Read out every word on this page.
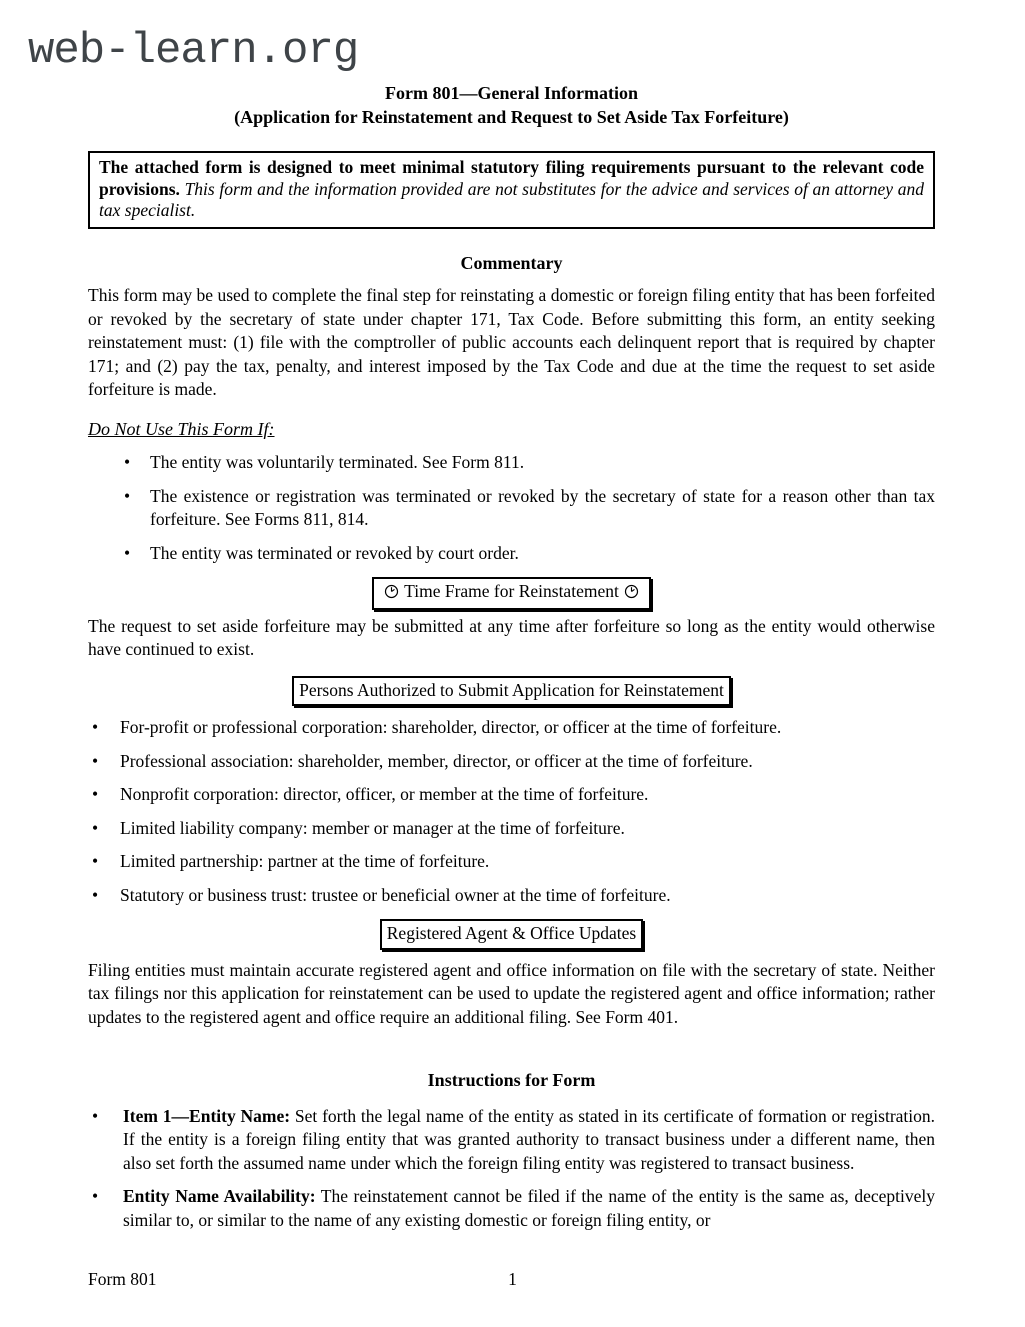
web-learn.org
Form 801—General Information
(Application for Reinstatement and Request to Set Aside Tax Forfeiture)
The attached form is designed to meet minimal statutory filing requirements pursuant to the relevant code provisions. This form and the information provided are not substitutes for the advice and services of an attorney and tax specialist.
Commentary
This form may be used to complete the final step for reinstating a domestic or foreign filing entity that has been forfeited or revoked by the secretary of state under chapter 171, Tax Code. Before submitting this form, an entity seeking reinstatement must: (1) file with the comptroller of public accounts each delinquent report that is required by chapter 171; and (2) pay the tax, penalty, and interest imposed by the Tax Code and due at the time the request to set aside forfeiture is made.
Do Not Use This Form If:
•
The entity was voluntarily terminated. See Form 811.
•
The existence or registration was terminated or revoked by the secretary of state for a reason other than tax forfeiture. See Forms 811, 814.
•
The entity was terminated or revoked by court order.
Time Frame for Reinstatement
The request to set aside forfeiture may be submitted at any time after forfeiture so long as the entity would otherwise have continued to exist.
Persons Authorized to Submit Application for Reinstatement
•
For-profit or professional corporation: shareholder, director, or officer at the time of forfeiture.
•
Professional association: shareholder, member, director, or officer at the time of forfeiture.
•
Nonprofit corporation: director, officer, or member at the time of forfeiture.
•
Limited liability company: member or manager at the time of forfeiture.
•
Limited partnership: partner at the time of forfeiture.
•
Statutory or business trust: trustee or beneficial owner at the time of forfeiture.
Registered Agent & Office Updates
Filing entities must maintain accurate registered agent and office information on file with the secretary of state. Neither tax filings nor this application for reinstatement can be used to update the registered agent and office information; rather updates to the registered agent and office require an additional filing. See Form 401.
Instructions for Form
•
Item 1—Entity Name: Set forth the legal name of the entity as stated in its certificate of formation or registration. If the entity is a foreign filing entity that was granted authority to transact business under a different name, then also set forth the assumed name under which the foreign filing entity was registered to transact business.
•
Entity Name Availability: The reinstatement cannot be filed if the name of the entity is the same as, deceptively similar to, or similar to the name of any existing domestic or foreign filing entity, or
Form 801	1
